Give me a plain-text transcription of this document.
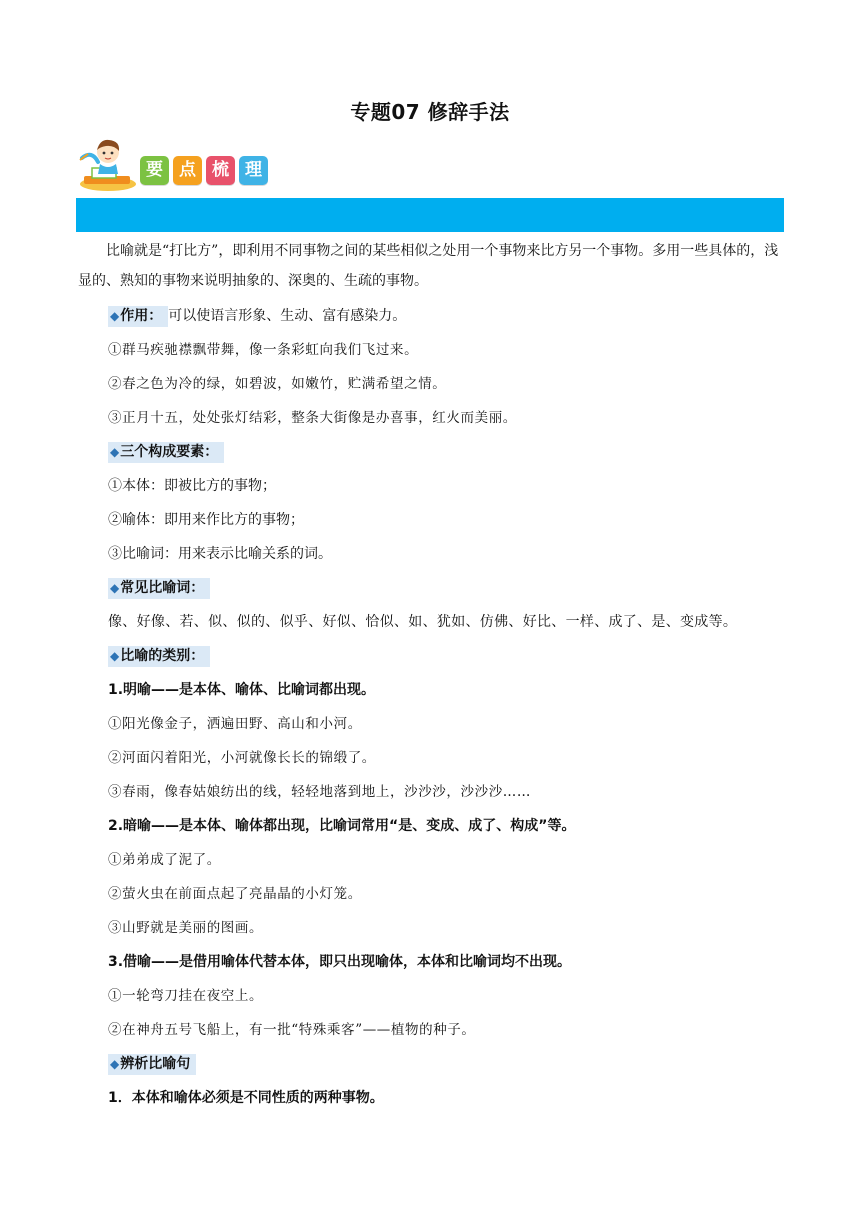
专题07 修辞手法
要 点 梳 理

比喻就是“打比方”，即利用不同事物之间的某些相似之处用一个事物来比方另一个事物。多用一些具体的，浅显的、熟知的事物来说明抽象的、深奥的、生疏的事物。

◆作用： 可以使语言形象、生动、富有感染力。
①群马疾驰襟飘带舞，像一条彩虹向我们飞过来。
②春之色为冷的绿，如碧波，如嫩竹，贮满希望之情。
③正月十五，处处张灯结彩，整条大街像是办喜事，红火而美丽。
◆三个构成要素：
①本体：即被比方的事物；
②喻体：即用来作比方的事物；
③比喻词：用来表示比喻关系的词。
◆常见比喻词：
像、好像、若、似、似的、似乎、好似、恰似、如、犹如、仿佛、好比、一样、成了、是、变成等。
◆比喻的类别：
1.明喻——是本体、喻体、比喻词都出现。
①阳光像金子，洒遍田野、高山和小河。
②河面闪着阳光，小河就像长长的锦缎了。
③春雨，像春姑娘纺出的线，轻轻地落到地上，沙沙沙，沙沙沙……
2.暗喻——是本体、喻体都出现，比喻词常用“是、变成、成了、构成”等。
①弟弟成了泥了。
②萤火虫在前面点起了亮晶晶的小灯笼。
③山野就是美丽的图画。
3.借喻——是借用喻体代替本体，即只出现喻体，本体和比喻词均不出现。
①一轮弯刀挂在夜空上。
②在神舟五号飞船上，有一批“特殊乘客”——植物的种子。
◆辨析比喻句
1．本体和喻体必须是不同性质的两种事物。
